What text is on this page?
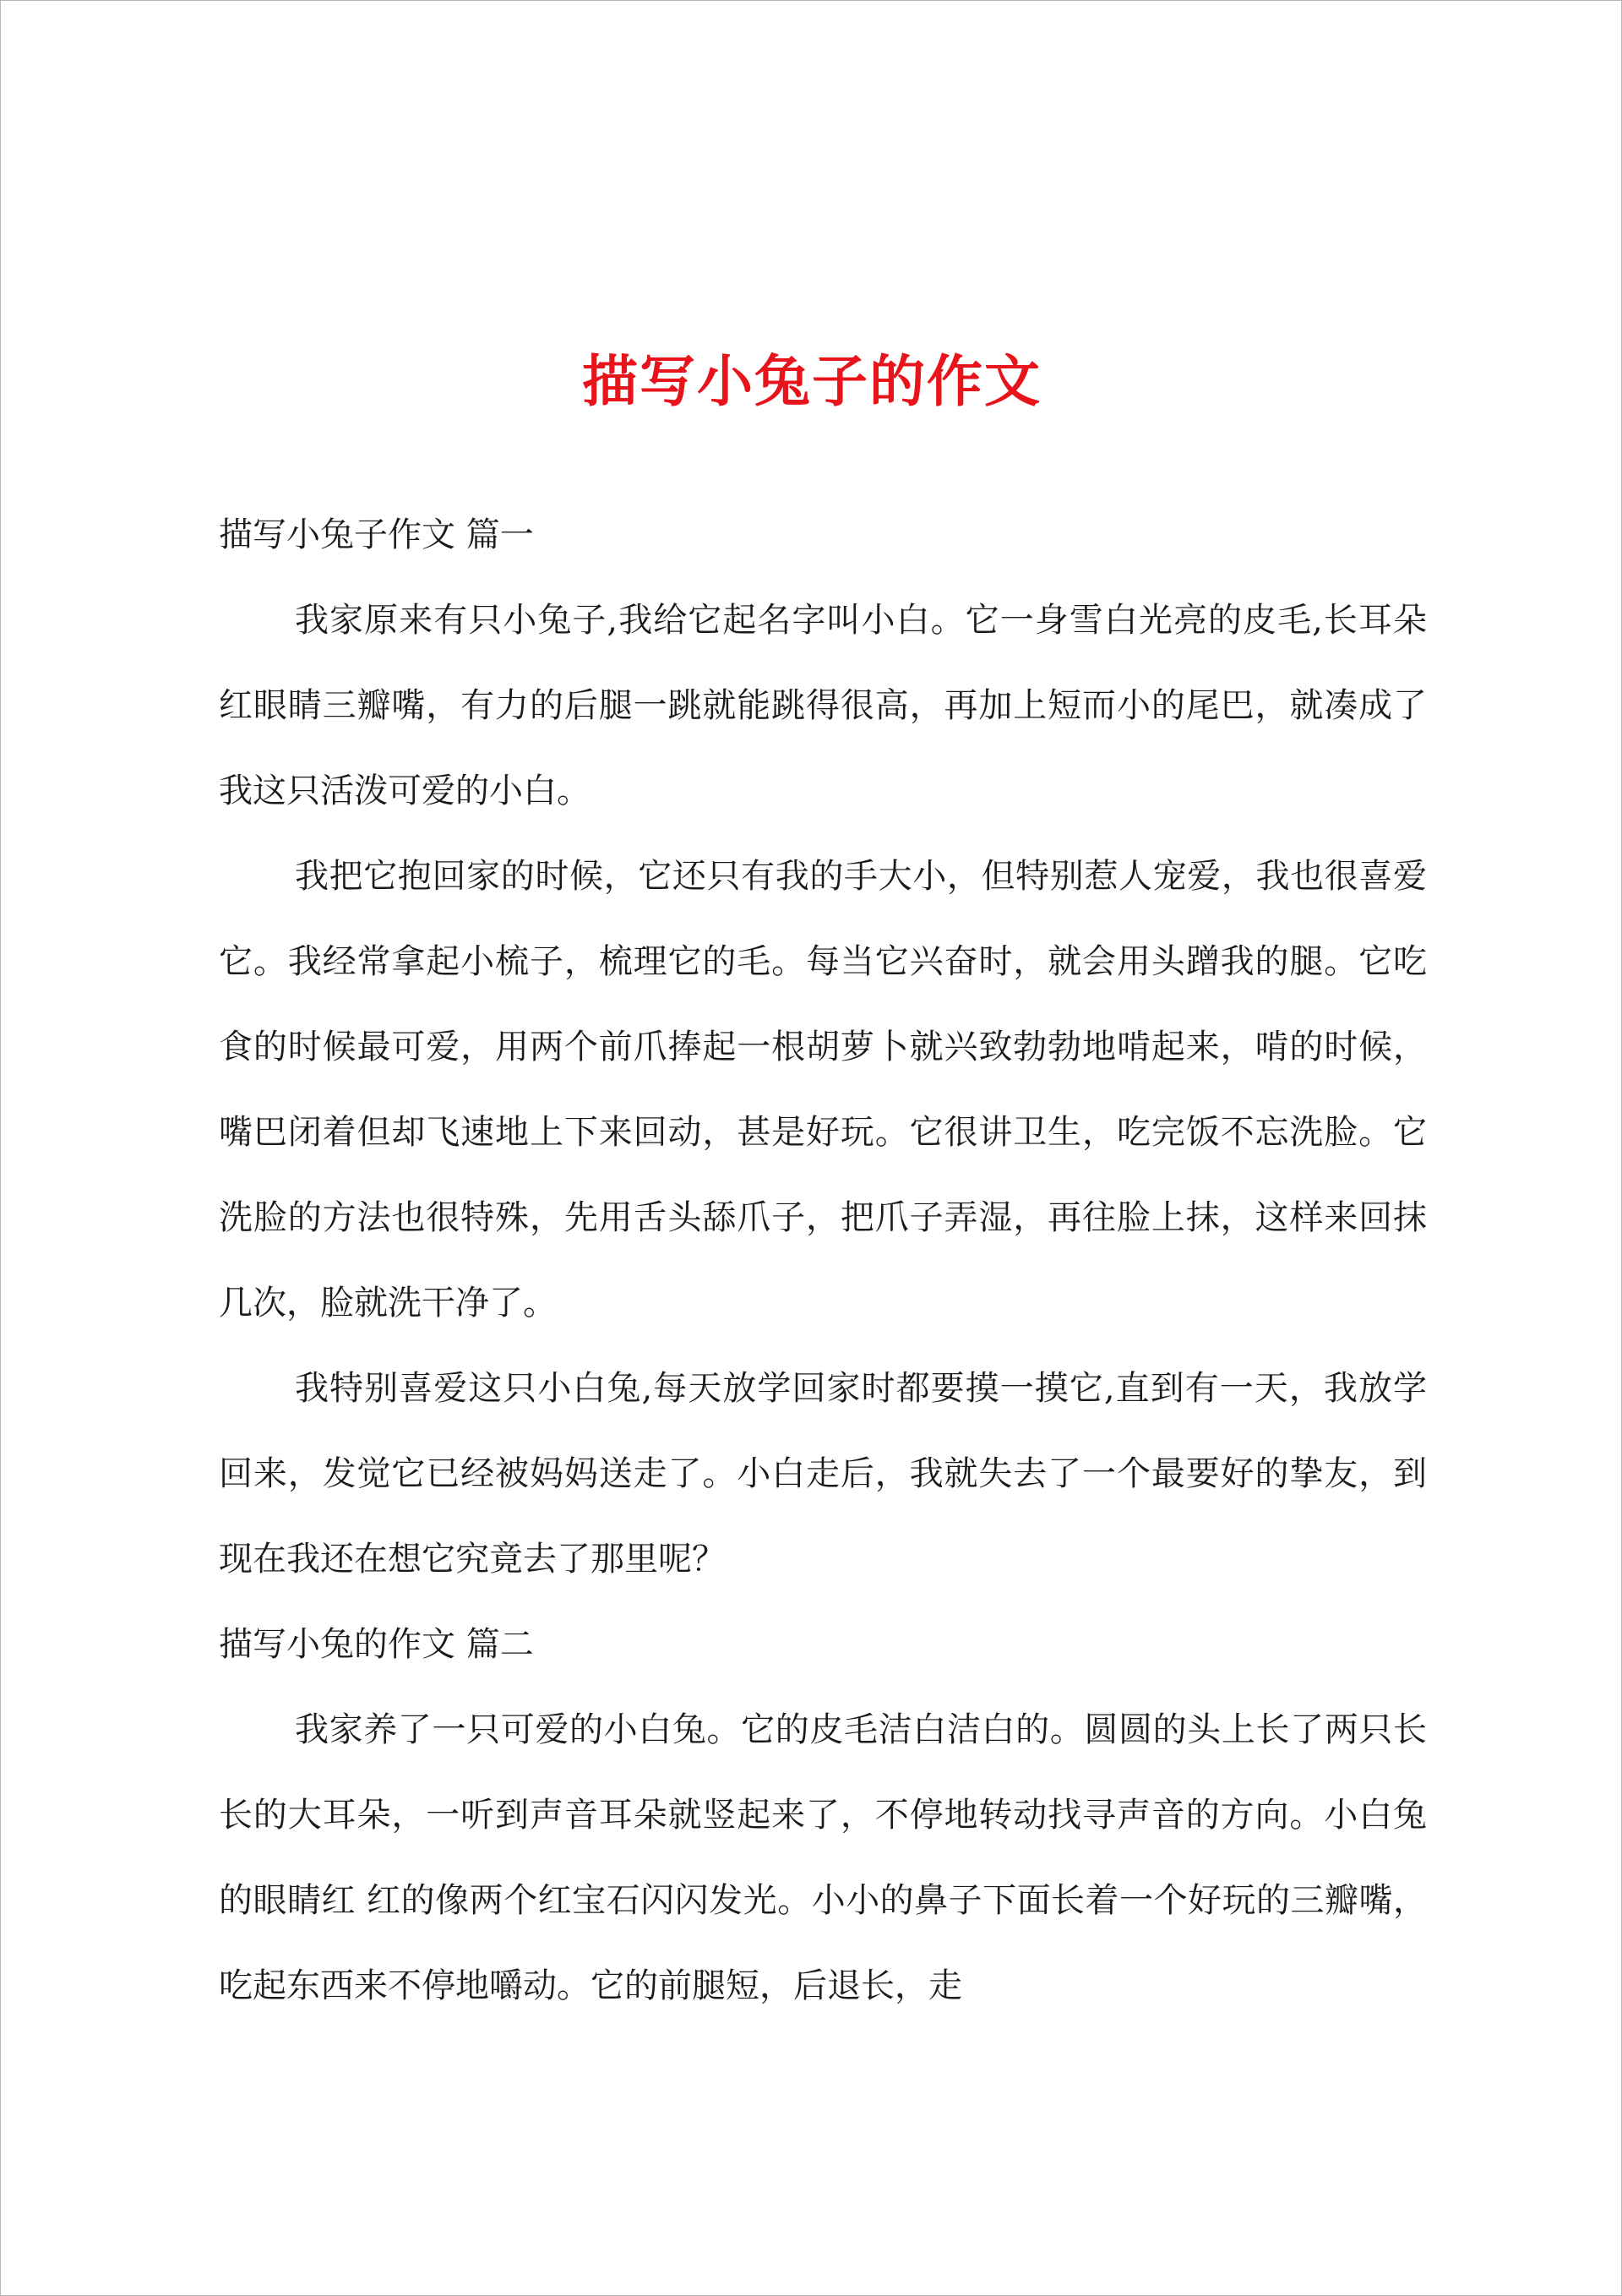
描写小兔子的作文

描写小兔子作文 篇一

我家原来有只小兔子,我给它起名字叫小白。它一身雪白光亮的皮毛,长耳朵红眼睛三瓣嘴，有力的后腿一跳就能跳得很高，再加上短而小的尾巴，就凑成了我这只活泼可爱的小白。

我把它抱回家的时候，它还只有我的手大小，但特别惹人宠爱，我也很喜爱它。我经常拿起小梳子，梳理它的毛。每当它兴奋时，就会用头蹭我的腿。它吃食的时候最可爱，用两个前爪捧起一根胡萝卜就兴致勃勃地啃起来，啃的时候，嘴巴闭着但却飞速地上下来回动，甚是好玩。它很讲卫生，吃完饭不忘洗脸。它洗脸的方法也很特殊，先用舌头舔爪子，把爪子弄湿，再往脸上抹，这样来回抹几次，脸就洗干净了。

我特别喜爱这只小白兔,每天放学回家时都要摸一摸它,直到有一天，我放学回来，发觉它已经被妈妈送走了。小白走后，我就失去了一个最要好的挚友，到现在我还在想它究竟去了那里呢？

描写小兔的作文 篇二

我家养了一只可爱的小白兔。它的皮毛洁白洁白的。圆圆的头上长了两只长长的大耳朵，一听到声音耳朵就竖起来了，不停地转动找寻声音的方向。小白兔的眼睛红 红的像两个红宝石闪闪发光。小小的鼻子下面长着一个好玩的三瓣嘴，吃起东西来不停地嚼动。它的前腿短，后退长，走
